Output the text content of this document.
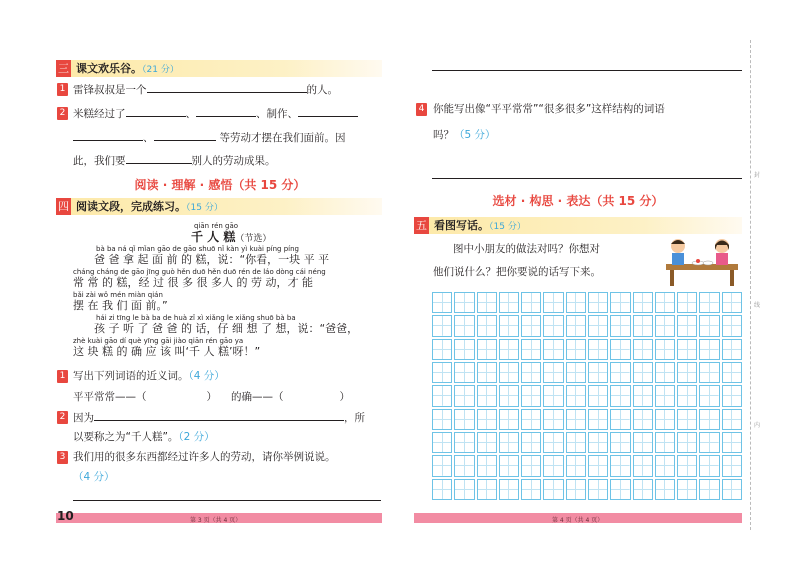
三 课文欢乐谷。（21 分）
1 雷锋叔叔是一个	的人。
2 米糕经过了	、	、制作、
、	等劳动才摆在我们面前。因
此，我们要	别人的劳动成果。
阅读 · 理解 · 感悟（共 15 分）
四 阅读文段，完成练习。（15 分）
qiān rén gāo
千 人 糕（节选）
bà ba ná qǐ mǐan gāo de gāo shuō nǐ kàn yì kuài píng píng
爸 爸 拿 起 面 前 的 糕，说：“你看，一块 平 平
cháng cháng de gāo jīng guò hěn duō hěn duō rén de láo dòng cái néng
常 常 的 糕，经 过 很 多 很 多人 的 劳 动，才 能
bǎi zài wǒ mén miàn qián
摆 在 我 们 面 前。”
hái zi tīng le bà ba de huà zǐ xì xiǎng le xiǎng shuō bà ba
孩 子 听 了 爸 爸 的 话，仔 细 想 了 想，说：“爸爸，
zhè kuài gāo dí què yīng gāi jiào qiān rén gāo ya
这 块 糕 的 确 应 该 叫‘千 人 糕’呀！”
1 写出下列词语的近义词。（4 分）
平平常常——（	） 的确——（	）
2 因为	，所
以要称之为“千人糕”。（2 分）
3 我们用的很多东西都经过许多人的劳动，请你举例说说。
（4 分）
10	第 3 页（共 4 页）
4 你能写出像“平平常常”“很多很多”这样结构的词语
吗？（5 分）
选材 · 构思 · 表达（共 15 分）
五 看图写话。（15 分）
图中小朋友的做法对吗？你想对
他们说什么？把你要说的话写下来。
第 4 页（共 4 页）
封
线
内
